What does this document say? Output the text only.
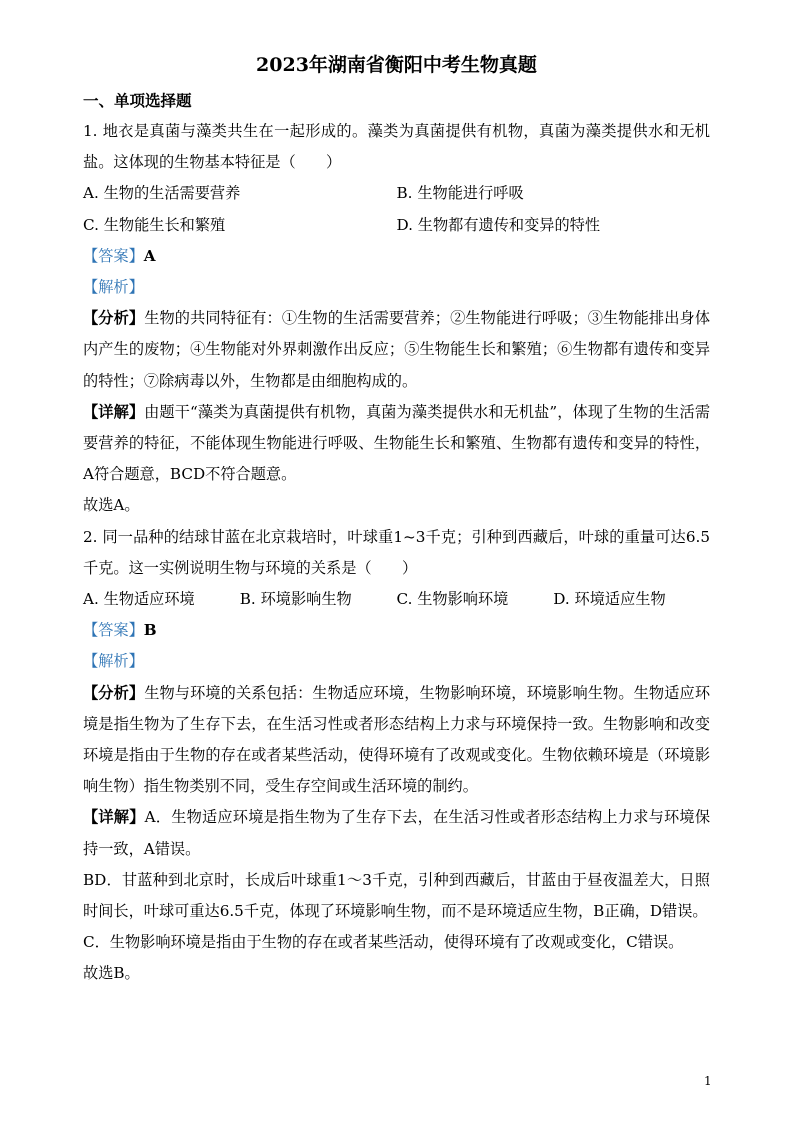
2023年湖南省衡阳中考生物真题
一、单项选择题

1. 地衣是真菌与藻类共生在一起形成的。藻类为真菌提供有机物，真菌为藻类提供水和无机盐。这体现的生物基本特征是（　　）

A. 生物的生活需要营养	B. 生物能进行呼吸
C. 生物能生长和繁殖	D. 生物都有遗传和变异的特性

【答案】A

【解析】

【分析】生物的共同特征有：①生物的生活需要营养；②生物能进行呼吸；③生物能排出身体内产生的废物；④生物能对外界刺激作出反应；⑤生物能生长和繁殖；⑥生物都有遗传和变异的特性；⑦除病毒以外，生物都是由细胞构成的。

【详解】由题干“藻类为真菌提供有机物，真菌为藻类提供水和无机盐”，体现了生物的生活需要营养的特征，不能体现生物能进行呼吸、生物能生长和繁殖、生物都有遗传和变异的特性，A符合题意，BCD不符合题意。

故选A。

2. 同一品种的结球甘蓝在北京栽培时，叶球重1~3千克；引种到西藏后，叶球的重量可达6.5千克。这一实例说明生物与环境的关系是（　　）

A. 生物适应环境	B. 环境影响生物	C. 生物影响环境	D. 环境适应生物

【答案】B

【解析】

【分析】生物与环境的关系包括：生物适应环境，生物影响环境，环境影响生物。生物适应环境是指生物为了生存下去，在生活习性或者形态结构上力求与环境保持一致。生物影响和改变环境是指由于生物的存在或者某些活动，使得环境有了改观或变化。生物依赖环境是（环境影响生物）指生物类别不同，受生存空间或生活环境的制约。

【详解】A．生物适应环境是指生物为了生存下去，在生活习性或者形态结构上力求与环境保持一致，A错误。

BD．甘蓝种到北京时，长成后叶球重1～3千克，引种到西藏后，甘蓝由于昼夜温差大，日照时间长，叶球可重达6.5千克，体现了环境影响生物，而不是环境适应生物，B正确，D错误。

C．生物影响环境是指由于生物的存在或者某些活动，使得环境有了改观或变化，C错误。

故选B。

1
